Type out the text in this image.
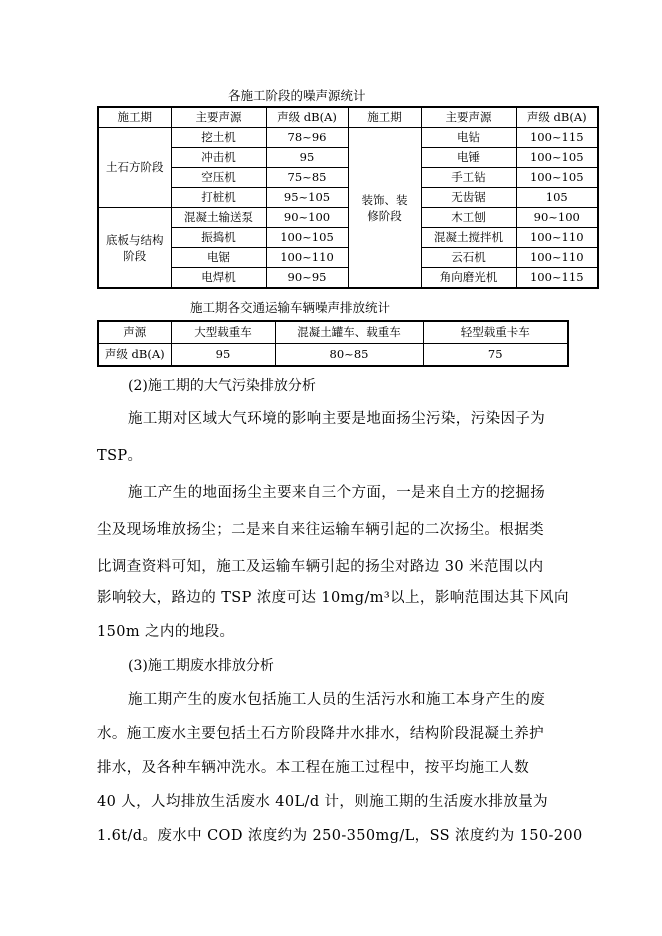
各施工阶段的噪声源统计
施工期	主要声源	声级 dB(A)	施工期	主要声源	声级 dB(A)
土石方阶段	挖土机	78~96	装饰、装修阶段	电钻	100~115
	冲击机	95		电锤	100~105
	空压机	75~85		手工钻	100~105
	打桩机	95~105		无齿锯	105

底板与结构阶段	混凝土输送泵	90~100		木工刨	90~100
	振捣机	100~105		混凝土搅拌机	100~110
	电锯	100~110		云石机	100~110
	电焊机	90~95		角向磨光机	100~115
施工期各交通运输车辆噪声排放统计
声源	大型载重车	混凝土罐车、载重车	轻型载重卡车
声级 dB(A)	95	80~85	75
(2)施工期的大气污染排放分析
施工期对区域大气环境的影响主要是地面扬尘污染，污染因子为
TSP。
施工产生的地面扬尘主要来自三个方面，一是来自土方的挖掘扬
尘及现场堆放扬尘；二是来自来往运输车辆引起的二次扬尘。根据类
比调查资料可知，施工及运输车辆引起的扬尘对路边 30 米范围以内
影响较大，路边的 TSP 浓度可达 10mg/m³以上，影响范围达其下风向
150m 之内的地段。
(3)施工期废水排放分析
施工期产生的废水包括施工人员的生活污水和施工本身产生的废
水。施工废水主要包括土石方阶段降井水排水，结构阶段混凝土养护
排水，及各种车辆冲洗水。本工程在施工过程中，按平均施工人数
40 人，人均排放生活废水 40L/d 计，则施工期的生活废水排放量为
1.6t/d。废水中 COD 浓度约为 250-350mg/L，SS 浓度约为 150-200
